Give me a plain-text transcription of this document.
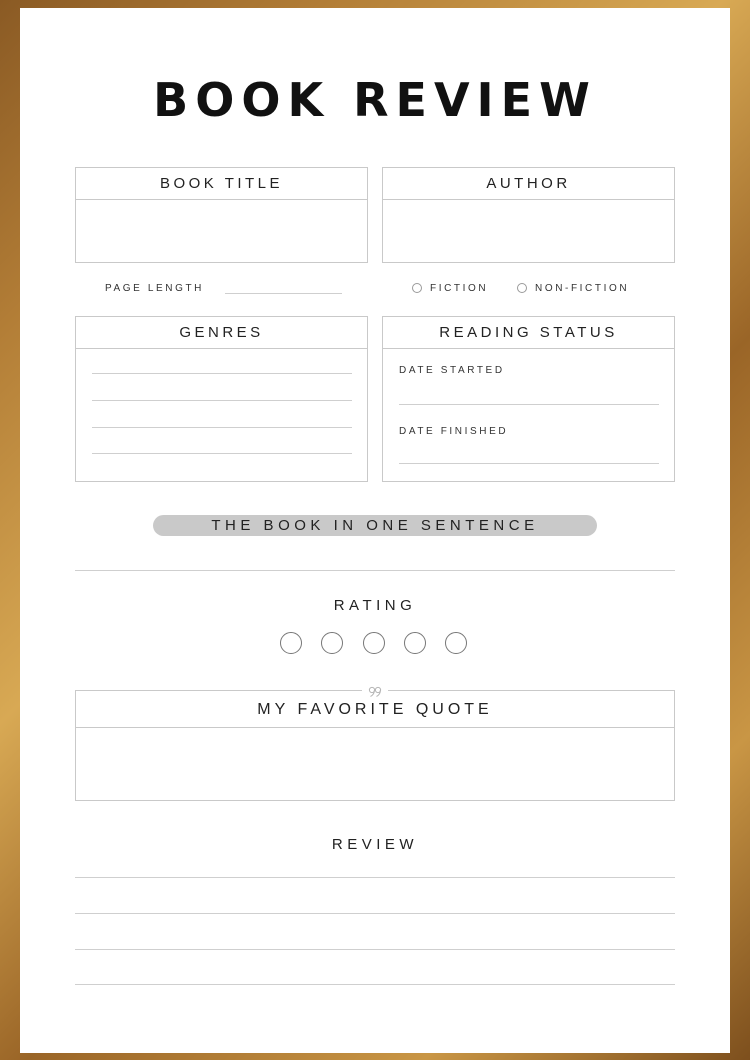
BOOK REVIEW
BOOK TITLE	AUTHOR
PAGE LENGTH	FICTION	NON-FICTION
GENRES	READING STATUS
DATE STARTED
DATE FINISHED
THE BOOK IN ONE SENTENCE
RATING
MY FAVORITE QUOTE
REVIEW
